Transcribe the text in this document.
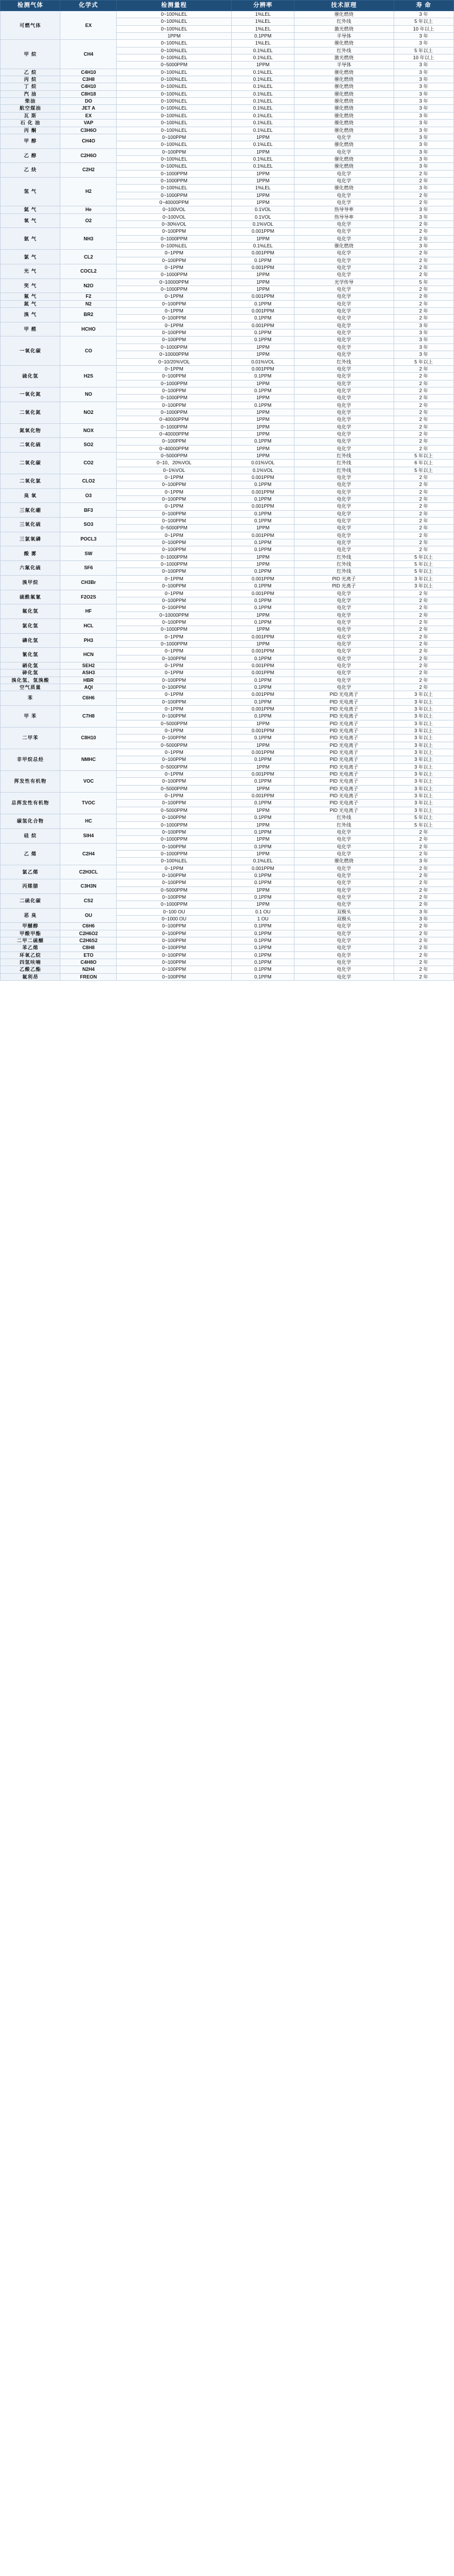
检测气体	化学式	检测量程	分辨率	技术原理	寿 命
可燃气体	EX	0~100%LEL	1%LEL	催化燃烧	3 年
		0~100%LEL	1%LEL	红外线	5 年以上
		0~100%LEL	1%LEL	激光燃烧	10 年以上
		1PPM	0.1PPM	半导体	3 年
甲 烷	CH4	0~100%LEL	1%LEL	催化燃烧	3 年
		0~100%LEL	0.1%LEL	红外线	5 年以上
		0~100%LEL	0.1%LEL	激光燃烧	10 年以上
		0~5000PPM	1PPM	半导体	3 年
乙 烷	C4H10	0~100%LEL	0.1%LEL	催化燃烧	3 年
丙 烷	C3H8	0~100%LEL	0.1%LEL	催化燃烧	3 年
丁 烷	C4H10	0~100%LEL	0.1%LEL	催化燃烧	3 年
汽 油	C8H18	0~100%LEL	0.1%LEL	催化燃烧	3 年
柴油	DO	0~100%LEL	0.1%LEL	催化燃烧	3 年
航空煤油	JET A	0~100%LEL	0.1%LEL	催化燃烧	3 年
瓦 斯	EX	0~100%LEL	0.1%LEL	催化燃烧	3 年
石 化 油	VAP	0~100%LEL	0.1%LEL	催化燃烧	3 年
丙 酮	C3H6O	0~100%LEL	0.1%LEL	催化燃烧	3 年
甲 醇	CH4O	0~100PPM	1PPM	电化学	3 年
		0~100%LEL	0.1%LEL	催化燃烧	3 年
乙 醇	C2H6O	0~100PPM	1PPM	电化学	3 年
		0~100%LEL	0.1%LEL	催化燃烧	3 年
乙 炔	C2H2	0~100%LEL	0.1%LEL	催化燃烧	3 年
		0~1000PPM	1PPM	电化学	2 年
氢 气	H2	0~1000PPM	1PPM	电化学	2 年
		0~100%LEL	1%LEL	催化燃烧	3 年
		0~1000PPM	1PPM	电化学	2 年
		0~40000PPM	1PPM	电化学	2 年
氦 气	He	0~100VOL	0.1VOL	热导导率	3 年
氧 气	O2	0~100VOL	0.1VOL	热导导率	3 年
		0~30%VOL	0.1%VOL	电化学	2 年
氨 气	NH3	0~100PPM	0.001PPM	电化学	2 年
		0~1000PPM	1PPM	电化学	2 年
		0~100%LEL	0.1%LEL	催化燃烧	3 年
氯 气	CL2	0~1PPM	0.001PPM	电化学	2 年
		0~100PPM	0.1PPM	电化学	2 年
光 气	COCL2	0~1PPM	0.001PPM	电化学	2 年
		0~1000PPM	1PPM	电化学	2 年
笑 气	N2O	0~10000PPM	1PPM	光学传导	5 年
		0~1000PPM	1PPM	电化学	2 年
氟 气	F2	0~1PPM	0.001PPM	电化学	2 年
氮 气	N2	0~100PPM	0.1PPM	电化学	2 年
溴 气	BR2	0~1PPM	0.001PPM	电化学	2 年
		0~100PPM	0.1PPM	电化学	2 年
甲 醛	HCHO	0~1PPM	0.001PPM	电化学	3 年
		0~100PPM	0.1PPM	电化学	3 年
一氧化碳	CO	0~100PPM	0.1PPM	电化学	3 年
		0~1000PPM	1PPM	电化学	3 年
		0~10000PPM	1PPM	电化学	3 年
		0~10/20%VOL	0.01%VOL	红外线	5 年以上
硫化氢	H2S	0~1PPM	0.001PPM	电化学	2 年
		0~100PPM	0.1PPM	电化学	2 年
		0~1000PPM	1PPM	电化学	2 年
一氧化氮	NO	0~100PPM	0.1PPM	电化学	2 年
		0~1000PPM	1PPM	电化学	2 年
二氧化氮	NO2	0~100PPM	0.1PPM	电化学	2 年
		0~1000PPM	1PPM	电化学	2 年
		0~40000PPM	1PPM	电化学	2 年
氮氧化物	NOX	0~1000PPM	1PPM	电化学	2 年
		0~40000PPM	1PPM	电化学	2 年
二氧化硫	SO2	0~100PPM	0.1PPM	电化学	2 年
		0~40000PPM	1PPM	电化学	2 年
二氧化碳	CO2	0~5000PPM	1PPM	红外线	5 年以上
		0~10、20%VOL	0.01%VOL	红外线	6 年以上
		0~1%VOL	0.1%VOL	红外线	5 年以上
二氧化氯	CLO2	0~1PPM	0.001PPM	电化学	2 年
		0~100PPM	0.1PPM	电化学	2 年
臭 氧	O3	0~1PPM	0.001PPM	电化学	2 年
		0~100PPM	0.1PPM	电化学	2 年
三氟化硼	BF3	0~1PPM	0.001PPM	电化学	2 年
		0~100PPM	0.1PPM	电化学	2 年
三氧化硫	SO3	0~100PPM	0.1PPM	电化学	2 年
		0~5000PPM	1PPM	电化学	2 年
三氯氧磷	POCL3	0~1PPM	0.001PPM	电化学	2 年
		0~100PPM	0.1PPM	电化学	2 年
酸 雾	SW	0~100PPM	0.1PPM	电化学	2 年
		0~1000PPM	1PPM	红外线	5 年以上
六氟化硫	SF6	0~1000PPM	1PPM	红外线	5 年以上
		0~100PPM	0.1PPM	红外线	5 年以上
溴甲烷	CH3Br	0~1PPM	0.001PPM	PID 光离子	3 年以上
		0~100PPM	0.1PPM	PID 光离子	3 年以上
硫酰氟氰	F2O2S	0~1PPM	0.001PPM	电化学	2 年
		0~100PPM	0.1PPM	电化学	2 年
氟化氢	HF	0~100PPM	0.1PPM	电化学	2 年
		0~10000PPM	1PPM	电化学	2 年
氯化氢	HCL	0~100PPM	0.1PPM	电化学	2 年
		0~1000PPM	1PPM	电化学	2 年
磷化氢	PH3	0~1PPM	0.001PPM	电化学	2 年
		0~1000PPM	1PPM	电化学	2 年
氰化氢	HCN	0~1PPM	0.001PPM	电化学	2 年
		0~100PPM	0.1PPM	电化学	2 年
硒化氢	SEH2	0~1PPM	0.001PPM	电化学	2 年
砷化氢	ASH3	0~1PPM	0.001PPM	电化学	2 年
溴化氢、氢溴酸	HBR	0~100PPM	0.1PPM	电化学	2 年
空气质量	AQI	0~100PPM	0.1PPM	电化学	2 年
苯	C6H6	0~1PPM	0.001PPM	PID 光电离子	3 年以上
		0~100PPM	0.1PPM	PID 光电离子	3 年以上
甲 苯	C7H8	0~1PPM	0.001PPM	PID 光电离子	3 年以上
		0~100PPM	0.1PPM	PID 光电离子	3 年以上
		0~5000PPM	1PPM	PID 光电离子	3 年以上
二甲苯	C8H10	0~1PPM	0.001PPM	PID 光电离子	3 年以上
		0~100PPM	0.1PPM	PID 光电离子	3 年以上
		0~5000PPM	1PPM	PID 光电离子	3 年以上
非甲烷总烃	NMHC	0~1PPM	0.001PPM	PID 光电离子	3 年以上
		0~100PPM	0.1PPM	PID 光电离子	3 年以上
		0~5000PPM	1PPM	PID 光电离子	3 年以上
挥发性有机物	VOC	0~1PPM	0.001PPM	PID 光电离子	3 年以上
		0~100PPM	0.1PPM	PID 光电离子	3 年以上
		0~5000PPM	1PPM	PID 光电离子	3 年以上
总挥发性有机物	TVOC	0~1PPM	0.001PPM	PID 光电离子	3 年以上
		0~100PPM	0.1PPM	PID 光电离子	3 年以上
		0~5000PPM	1PPM	PID 光电离子	3 年以上
碳氢化合物	HC	0~100PPM	0.1PPM	红外线	5 年以上
		0~1000PPM	1PPM	红外线	5 年以上
硅 烷	SIH4	0~100PPM	0.1PPM	电化学	2 年
		0~1000PPM	1PPM	电化学	2 年
乙 烯	C2H4	0~100PPM	0.1PPM	电化学	2 年
		0~1000PPM	1PPM	电化学	2 年
		0~100%LEL	0.1%LEL	催化燃烧	3 年
氯乙烯	C2H3CL	0~1PPM	0.001PPM	电化学	2 年
		0~100PPM	0.1PPM	电化学	2 年
丙烯腈	C3H3N	0~100PPM	0.1PPM	电化学	2 年
		0~5000PPM	1PPM	电化学	2 年
二硫化碳	CS2	0~100PPM	0.1PPM	电化学	2 年
		0~1000PPM	1PPM	电化学	2 年
恶 臭	OU	0~100 OU	0.1 OU	双极头	3 年
		0~1000 OU	1 OU	双极头	3 年
甲醚醇	C6H6	0~100PPM	0.1PPM	电化学	2 年
甲酸甲酯	C2H6O2	0~100PPM	0.1PPM	电化学	2 年
二甲二硫醚	C2H6S2	0~100PPM	0.1PPM	电化学	2 年
苯乙烯	C8H8	0~100PPM	0.1PPM	电化学	2 年
环氧乙烷	ETO	0~100PPM	0.1PPM	电化学	2 年
四氢呋喃	C4H8O	0~100PPM	0.1PPM	电化学	2 年
乙酸乙酯	N2H4	0~100PPM	0.1PPM	电化学	2 年
氟利昂	FREON	0~100PPM	0.1PPM	电化学	2 年
